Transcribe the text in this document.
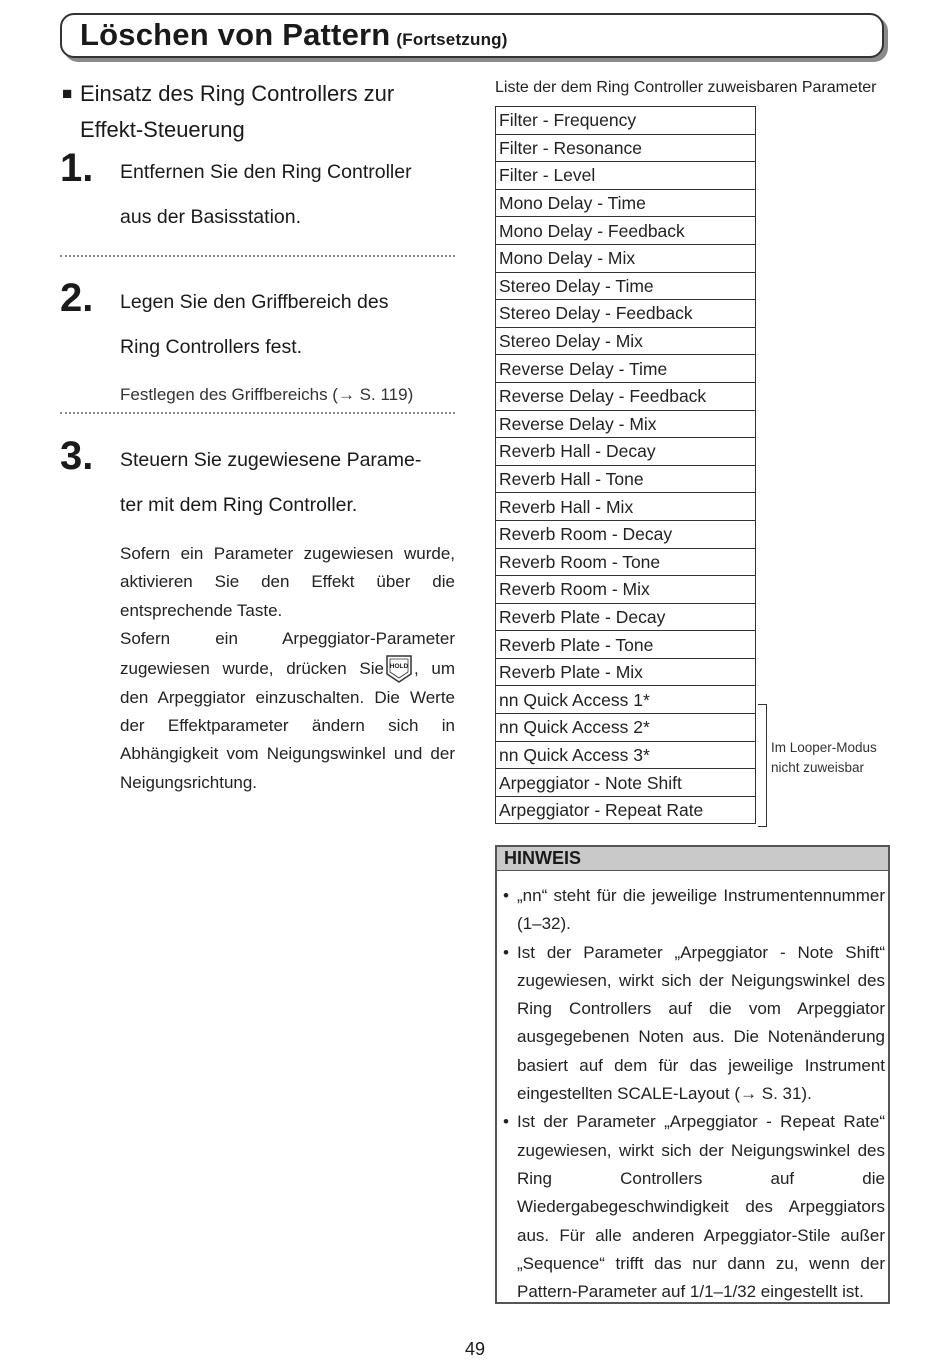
Löschen von Pattern (Fortsetzung)
■ Einsatz des Ring Controllers zur
Effekt-Steuerung
1. Entfernen Sie den Ring Controller
aus der Basisstation.
2. Legen Sie den Griffbereich des
Ring Controllers fest.
Festlegen des Griffbereichs (→ S. 119)
3. Steuern Sie zugewiesene Parame-
ter mit dem Ring Controller.
Sofern ein Parameter zugewiesen wurde, aktivieren Sie den Effekt über die entsprechende Taste.
Sofern ein Arpeggiator-Parameter zugewiesen wurde, drücken Sie HOLD , um den Arpeggiator einzuschalten. Die Werte der Effektparameter ändern sich in Abhängigkeit vom Neigungswinkel und der Neigungsrichtung.
Liste der dem Ring Controller zuweisbaren Parameter
Filter - Frequency
Filter - Resonance
Filter - Level
Mono Delay - Time
Mono Delay - Feedback
Mono Delay - Mix
Stereo Delay - Time
Stereo Delay - Feedback
Stereo Delay - Mix
Reverse Delay - Time
Reverse Delay - Feedback
Reverse Delay - Mix
Reverb Hall - Decay
Reverb Hall - Tone
Reverb Hall - Mix
Reverb Room - Decay
Reverb Room - Tone
Reverb Room - Mix
Reverb Plate - Decay
Reverb Plate - Tone
Reverb Plate - Mix
nn Quick Access 1*
nn Quick Access 2*
nn Quick Access 3*
Arpeggiator - Note Shift
Arpeggiator - Repeat Rate
Im Looper-Modus
nicht zuweisbar
HINWEIS
• „nn“ steht für die jeweilige Instrumentennummer (1–32).
• Ist der Parameter „Arpeggiator - Note Shift“ zugewiesen, wirkt sich der Neigungswinkel des Ring Controllers auf die vom Arpeggiator ausgegebenen Noten aus. Die Notenänderung basiert auf dem für das jeweilige Instrument eingestellten SCALE-Layout (→ S. 31).
• Ist der Parameter „Arpeggiator - Repeat Rate“ zugewiesen, wirkt sich der Neigungswinkel des Ring Controllers auf die Wiedergabegeschwindigkeit des Arpeggiators aus. Für alle anderen Arpeggiator-Stile außer „Sequence“ trifft das nur dann zu, wenn der Pattern-Parameter auf 1/1–1/32 eingestellt ist.
49
